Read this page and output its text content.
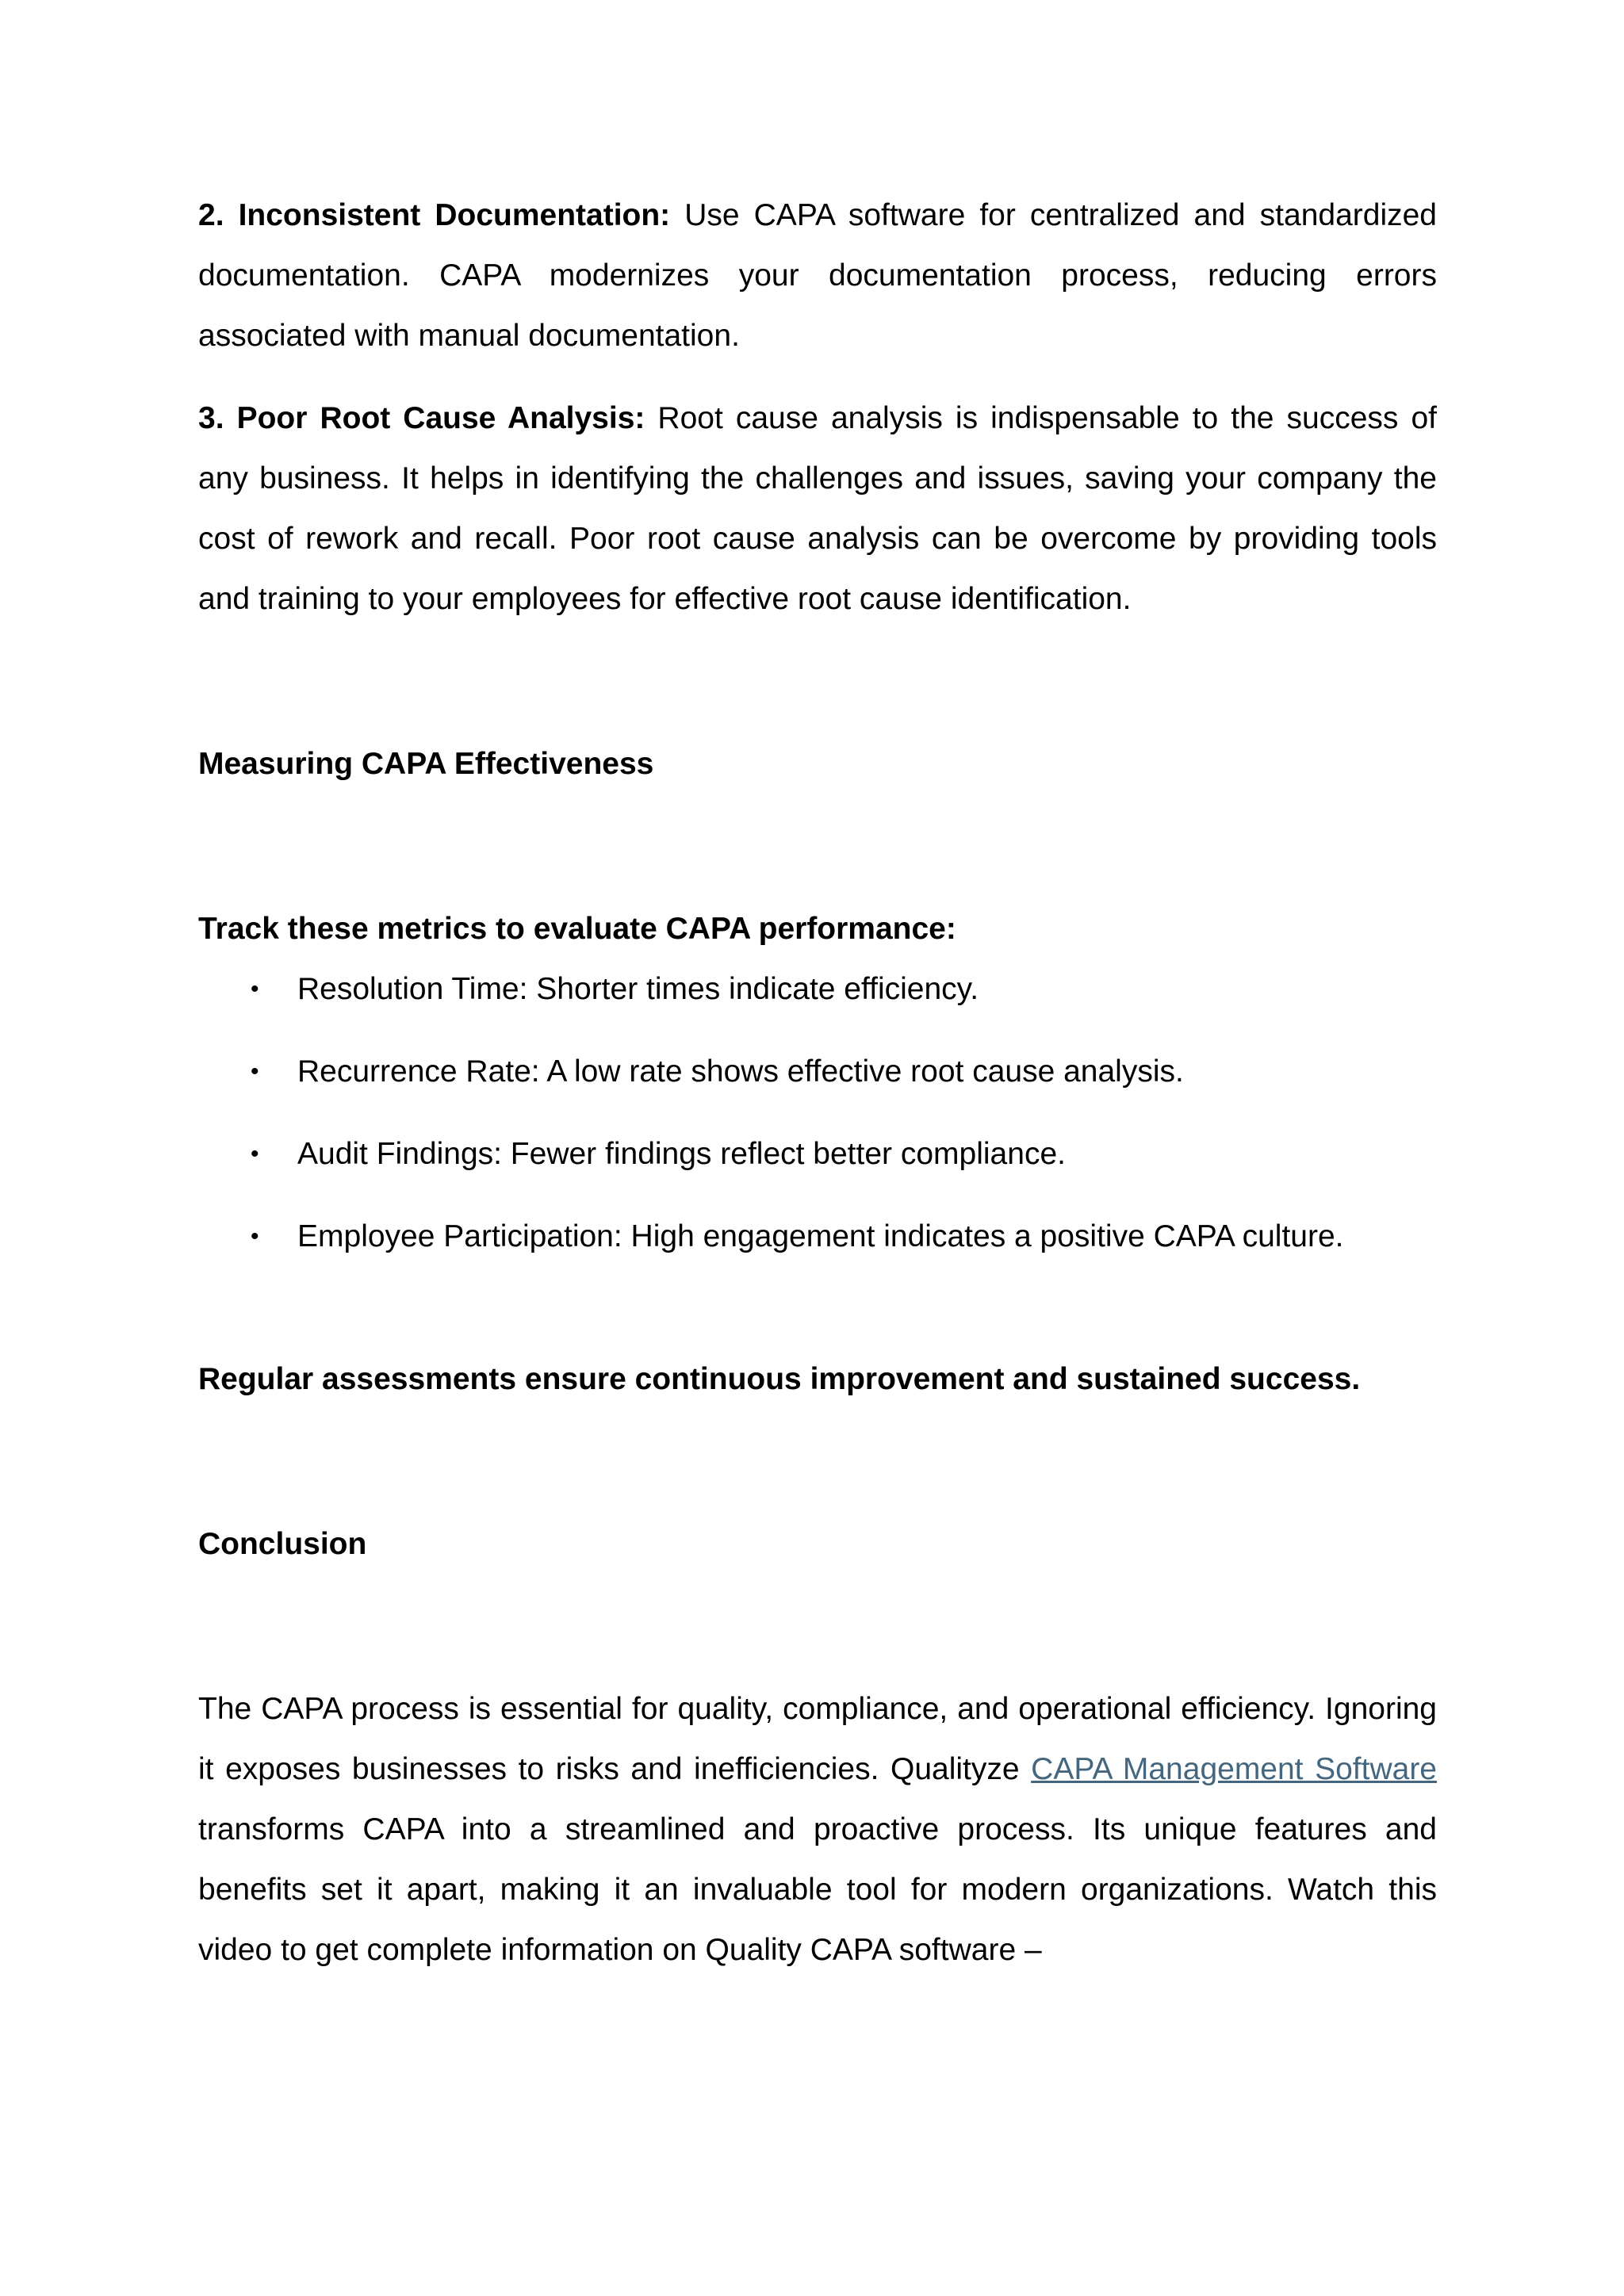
2. Inconsistent Documentation: Use CAPA software for centralized and standardized documentation. CAPA modernizes your documentation process, reducing errors associated with manual documentation.

3. Poor Root Cause Analysis: Root cause analysis is indispensable to the success of any business. It helps in identifying the challenges and issues, saving your company the cost of rework and recall. Poor root cause analysis can be overcome by providing tools and training to your employees for effective root cause identification.

Measuring CAPA Effectiveness

Track these metrics to evaluate CAPA performance:

• Resolution Time: Shorter times indicate efficiency.
• Recurrence Rate: A low rate shows effective root cause analysis.
• Audit Findings: Fewer findings reflect better compliance.
• Employee Participation: High engagement indicates a positive CAPA culture.

Regular assessments ensure continuous improvement and sustained success.

Conclusion

The CAPA process is essential for quality, compliance, and operational efficiency. Ignoring it exposes businesses to risks and inefficiencies. Qualityze CAPA Management Software transforms CAPA into a streamlined and proactive process. Its unique features and benefits set it apart, making it an invaluable tool for modern organizations. Watch this video to get complete information on Quality CAPA software –
